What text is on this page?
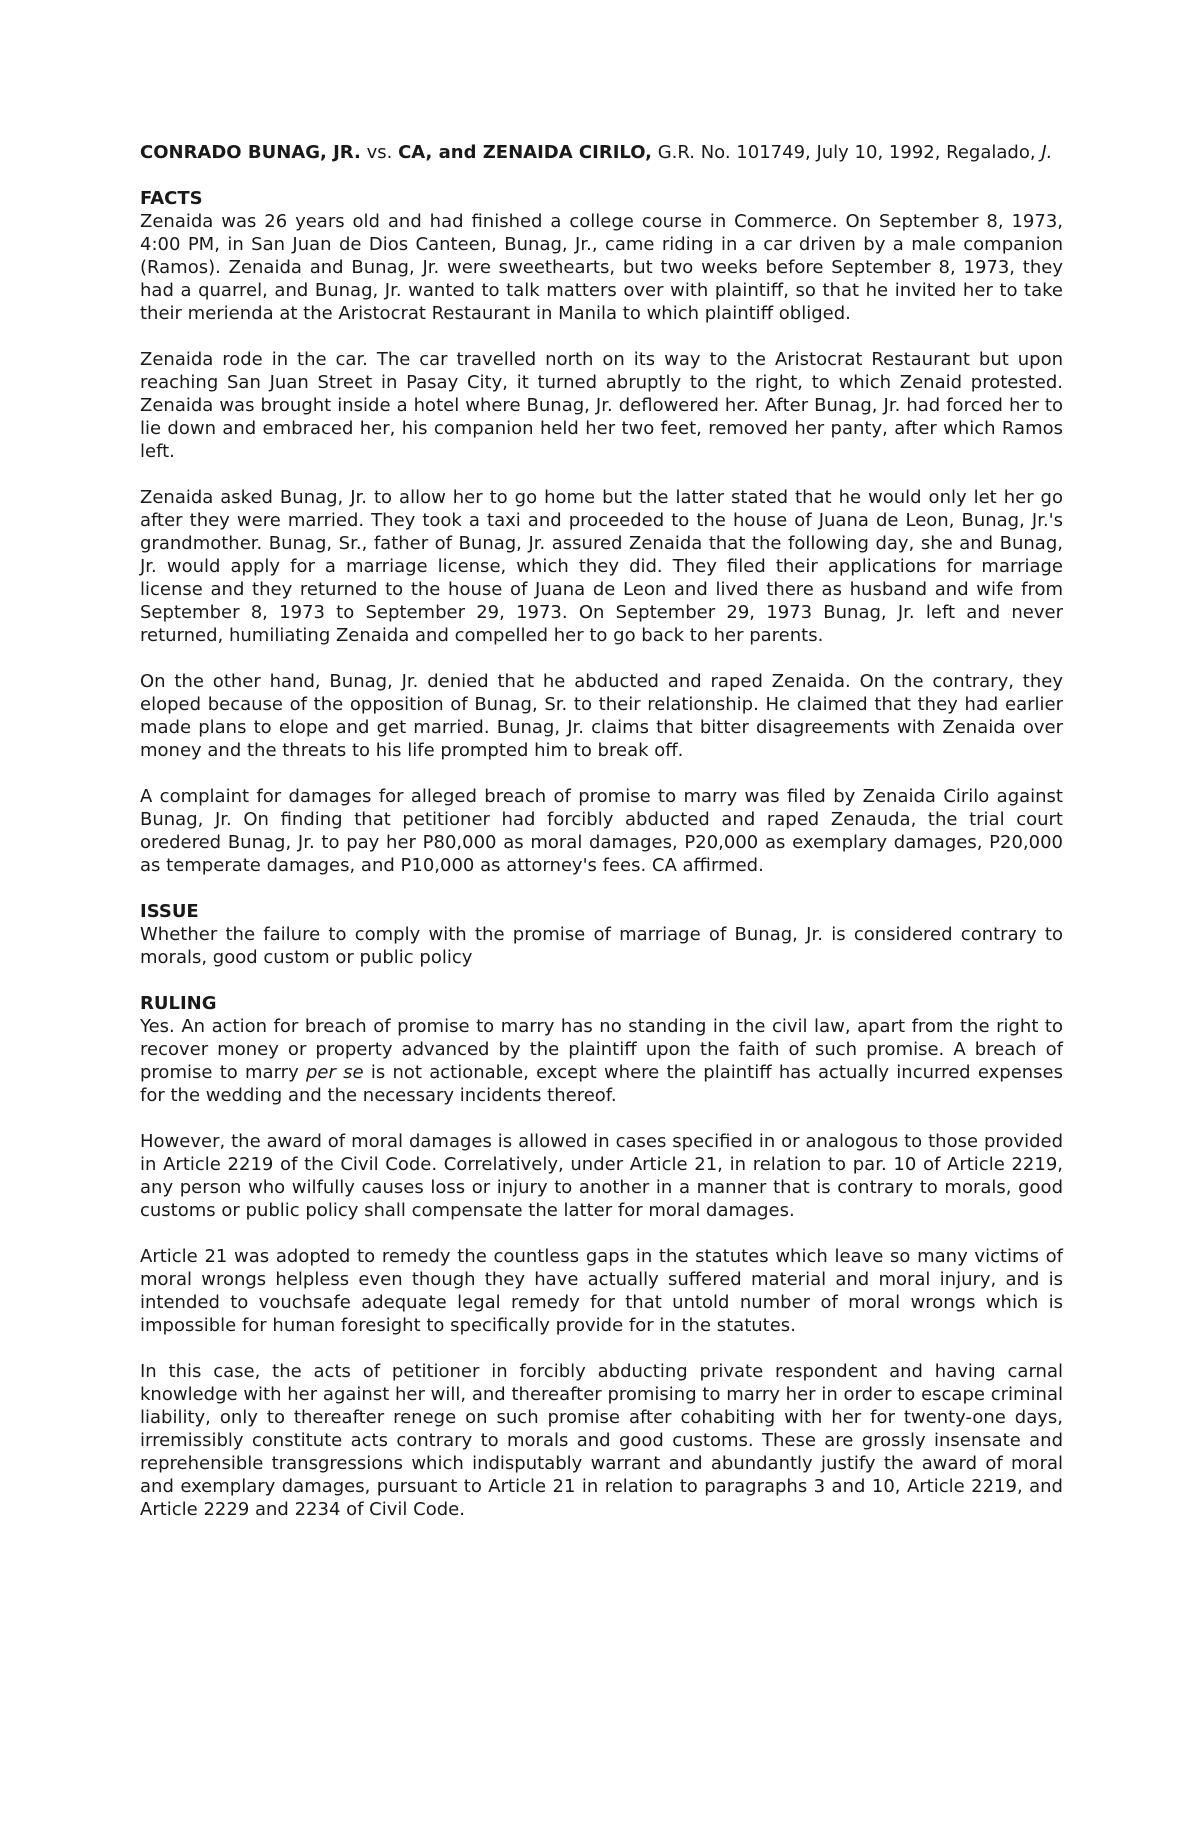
CONRADO BUNAG, JR. vs. CA, and ZENAIDA CIRILO, G.R. No. 101749, July 10, 1992, Regalado, J.

FACTS

Zenaida was 26 years old and had finished a college course in Commerce. On September 8, 1973, 4:00 PM, in San Juan de Dios Canteen, Bunag, Jr., came riding in a car driven by a male companion (Ramos). Zenaida and Bunag, Jr. were sweethearts, but two weeks before September 8, 1973, they had a quarrel, and Bunag, Jr. wanted to talk matters over with plaintiff, so that he invited her to take their merienda at the Aristocrat Restaurant in Manila to which plaintiff obliged.

Zenaida rode in the car. The car travelled north on its way to the Aristocrat Restaurant but upon reaching San Juan Street in Pasay City, it turned abruptly to the right, to which Zenaid protested. Zenaida was brought inside a hotel where Bunag, Jr. deflowered her. After Bunag, Jr. had forced her to lie down and embraced her, his companion held her two feet, removed her panty, after which Ramos left.

Zenaida asked Bunag, Jr. to allow her to go home but the latter stated that he would only let her go after they were married. They took a taxi and proceeded to the house of Juana de Leon, Bunag, Jr.'s grandmother. Bunag, Sr., father of Bunag, Jr. assured Zenaida that the following day, she and Bunag, Jr. would apply for a marriage license, which they did. They filed their applications for marriage license and they returned to the house of Juana de Leon and lived there as husband and wife from September 8, 1973 to September 29, 1973. On September 29, 1973 Bunag, Jr. left and never returned, humiliating Zenaida and compelled her to go back to her parents.

On the other hand, Bunag, Jr. denied that he abducted and raped Zenaida. On the contrary, they eloped because of the opposition of Bunag, Sr. to their relationship. He claimed that they had earlier made plans to elope and get married. Bunag, Jr. claims that bitter disagreements with Zenaida over money and the threats to his life prompted him to break off.

A complaint for damages for alleged breach of promise to marry was filed by Zenaida Cirilo against Bunag, Jr. On finding that petitioner had forcibly abducted and raped Zenauda, the trial court oredered Bunag, Jr. to pay her P80,000 as moral damages, P20,000 as exemplary damages, P20,000 as temperate damages, and P10,000 as attorney's fees. CA affirmed.

ISSUE

Whether the failure to comply with the promise of marriage of Bunag, Jr. is considered contrary to morals, good custom or public policy

RULING

Yes. An action for breach of promise to marry has no standing in the civil law, apart from the right to recover money or property advanced by the plaintiff upon the faith of such promise. A breach of promise to marry per se is not actionable, except where the plaintiff has actually incurred expenses for the wedding and the necessary incidents thereof.

However, the award of moral damages is allowed in cases specified in or analogous to those provided in Article 2219 of the Civil Code. Correlatively, under Article 21, in relation to par. 10 of Article 2219, any person who wilfully causes loss or injury to another in a manner that is contrary to morals, good customs or public policy shall compensate the latter for moral damages.

Article 21 was adopted to remedy the countless gaps in the statutes which leave so many victims of moral wrongs helpless even though they have actually suffered material and moral injury, and is intended to vouchsafe adequate legal remedy for that untold number of moral wrongs which is impossible for human foresight to specifically provide for in the statutes.

In this case, the acts of petitioner in forcibly abducting private respondent and having carnal knowledge with her against her will, and thereafter promising to marry her in order to escape criminal liability, only to thereafter renege on such promise after cohabiting with her for twenty-one days, irremissibly constitute acts contrary to morals and good customs. These are grossly insensate and reprehensible transgressions which indisputably warrant and abundantly justify the award of moral and exemplary damages, pursuant to Article 21 in relation to paragraphs 3 and 10, Article 2219, and Article 2229 and 2234 of Civil Code.
